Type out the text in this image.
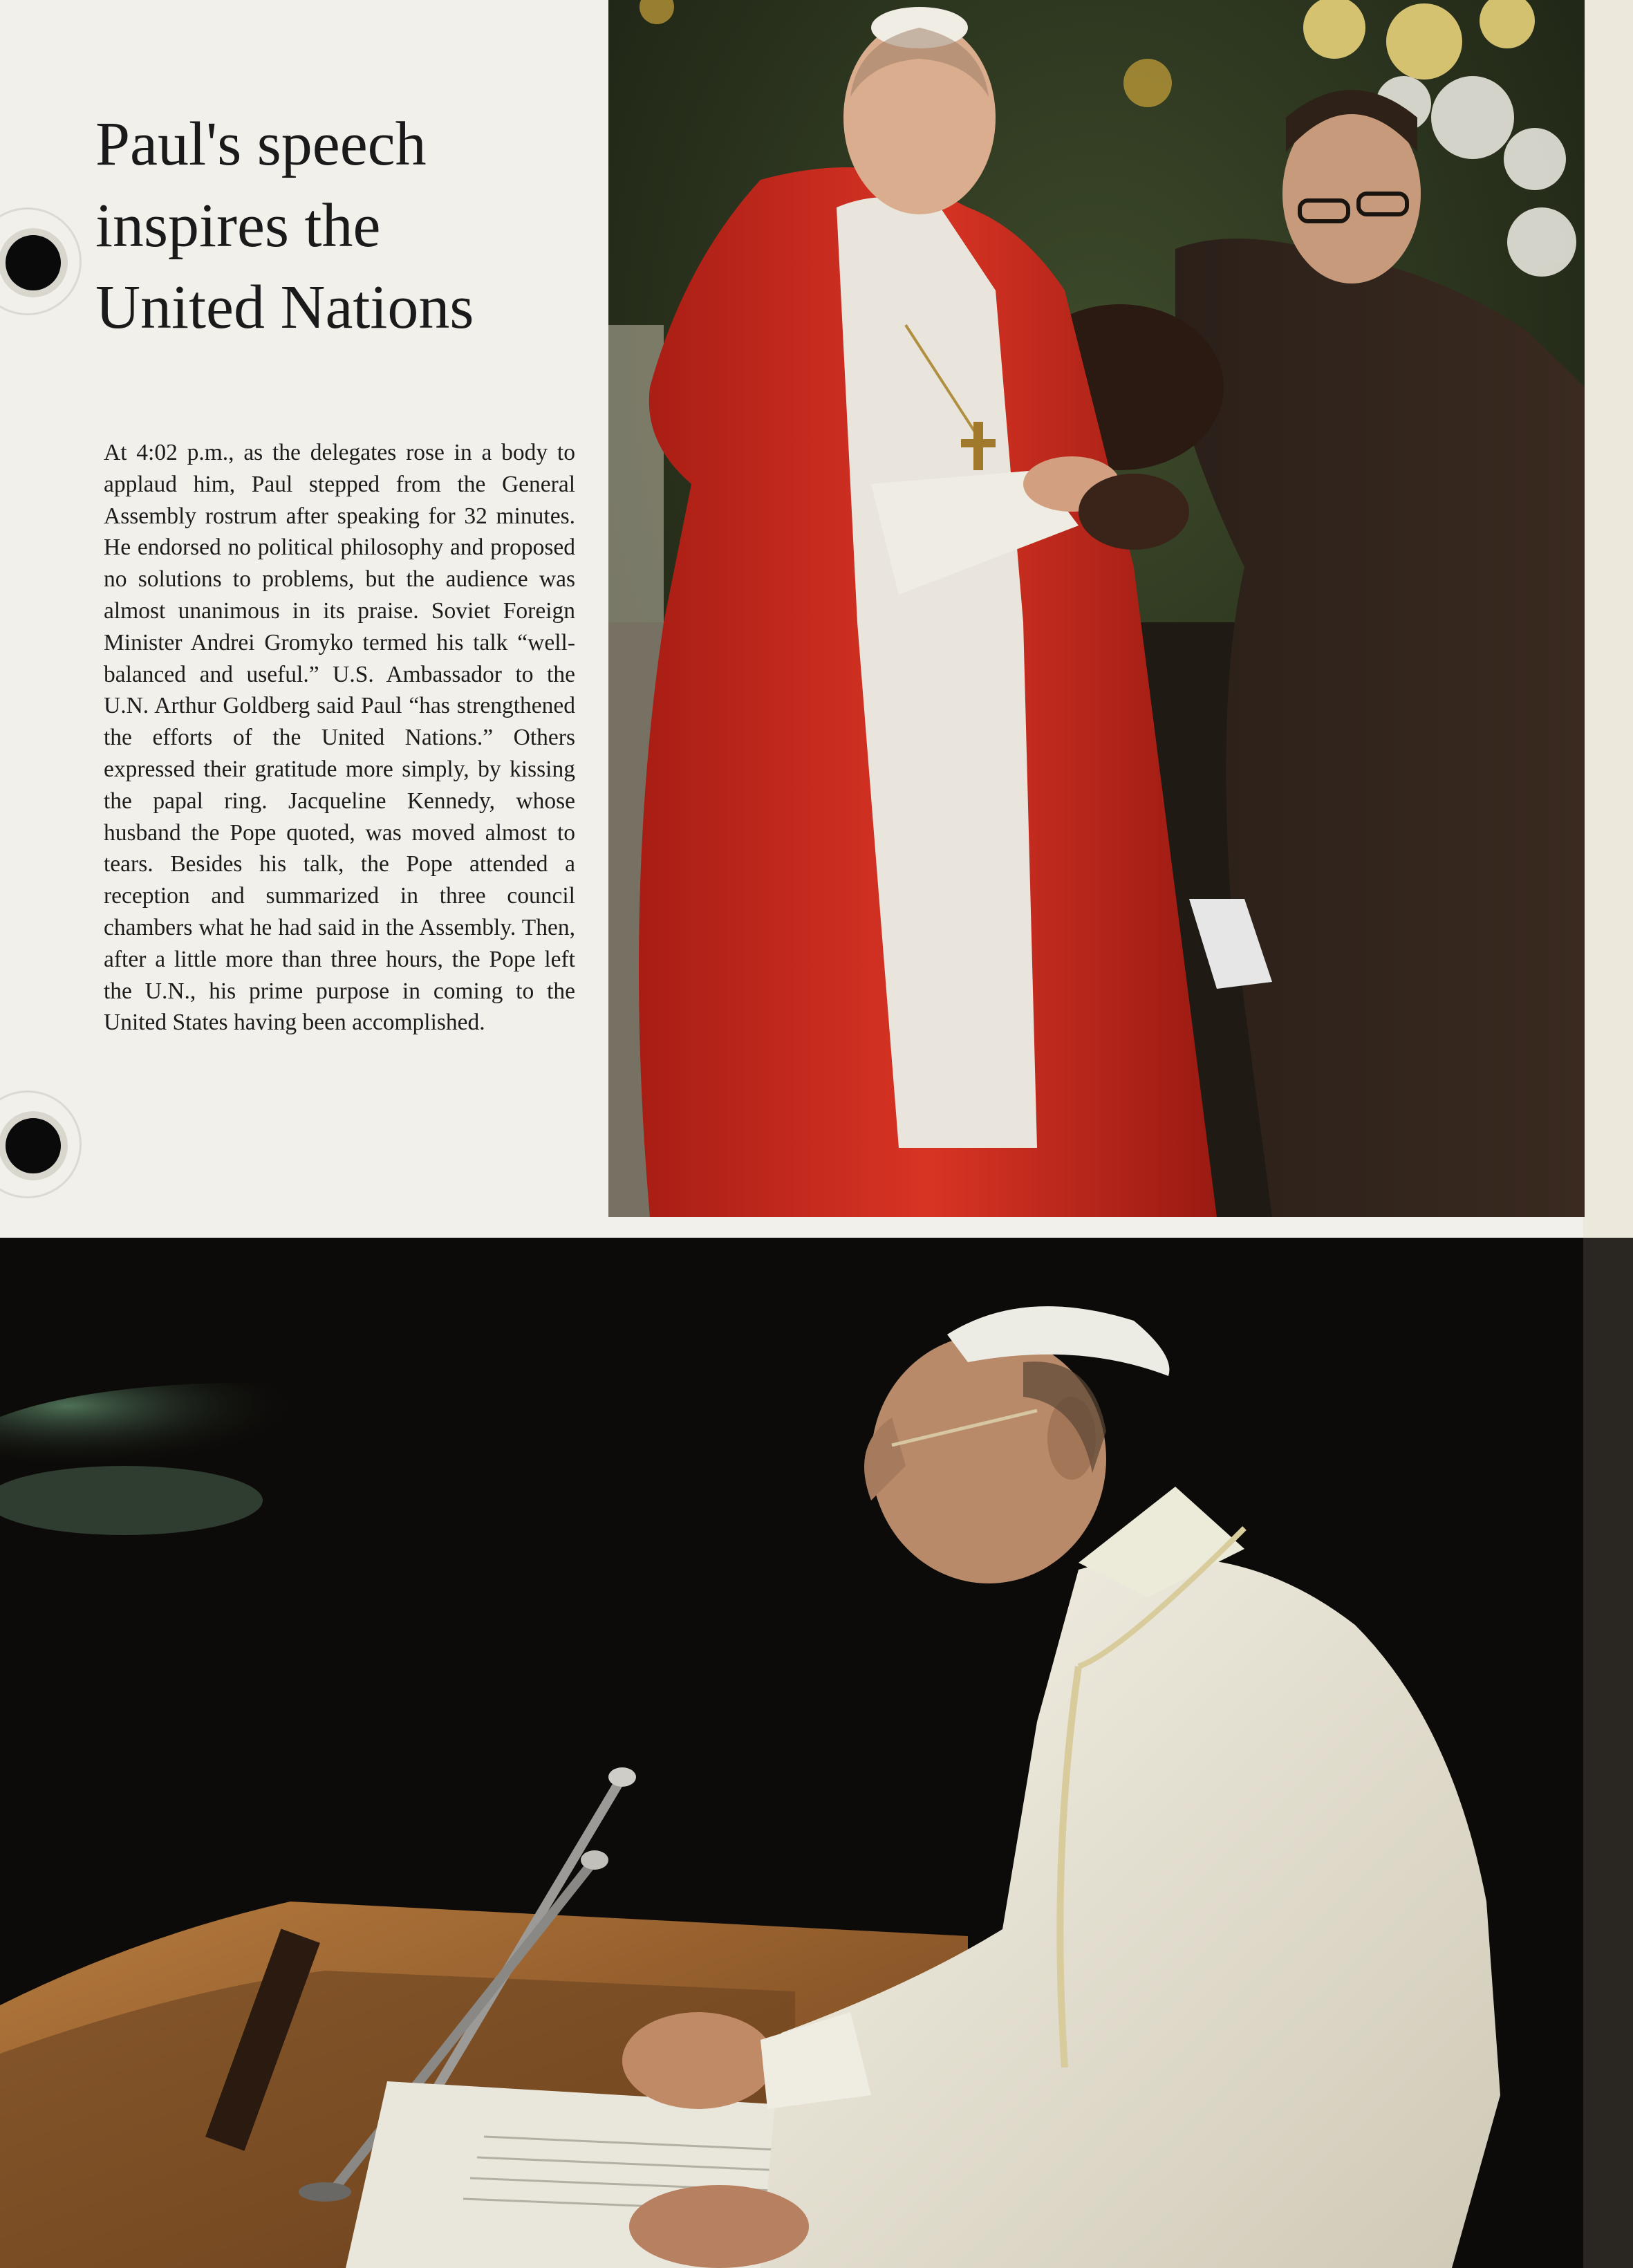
Paul's speech
inspires the
United Nations

At 4:02 p.m., as the delegates rose in a body to applaud him, Paul stepped from the General Assembly rostrum after speaking for 32 minutes. He endorsed no political philosophy and proposed no solutions to problems, but the audience was almost unanimous in its praise. Soviet Foreign Minister Andrei Gromyko termed his talk “well-balanced and useful.” U.S. Ambassador to the U.N. Arthur Goldberg said Paul “has strengthened the efforts of the United Nations.” Others expressed their gratitude more simply, by kissing the papal ring. Jacqueline Kennedy, whose husband the Pope quoted, was moved almost to tears. Besides his talk, the Pope attended a reception and summarized in three council chambers what he had said in the Assembly. Then, after a little more than three hours, the Pope left the U.N., his prime purpose in coming to the United States having been accomplished.
